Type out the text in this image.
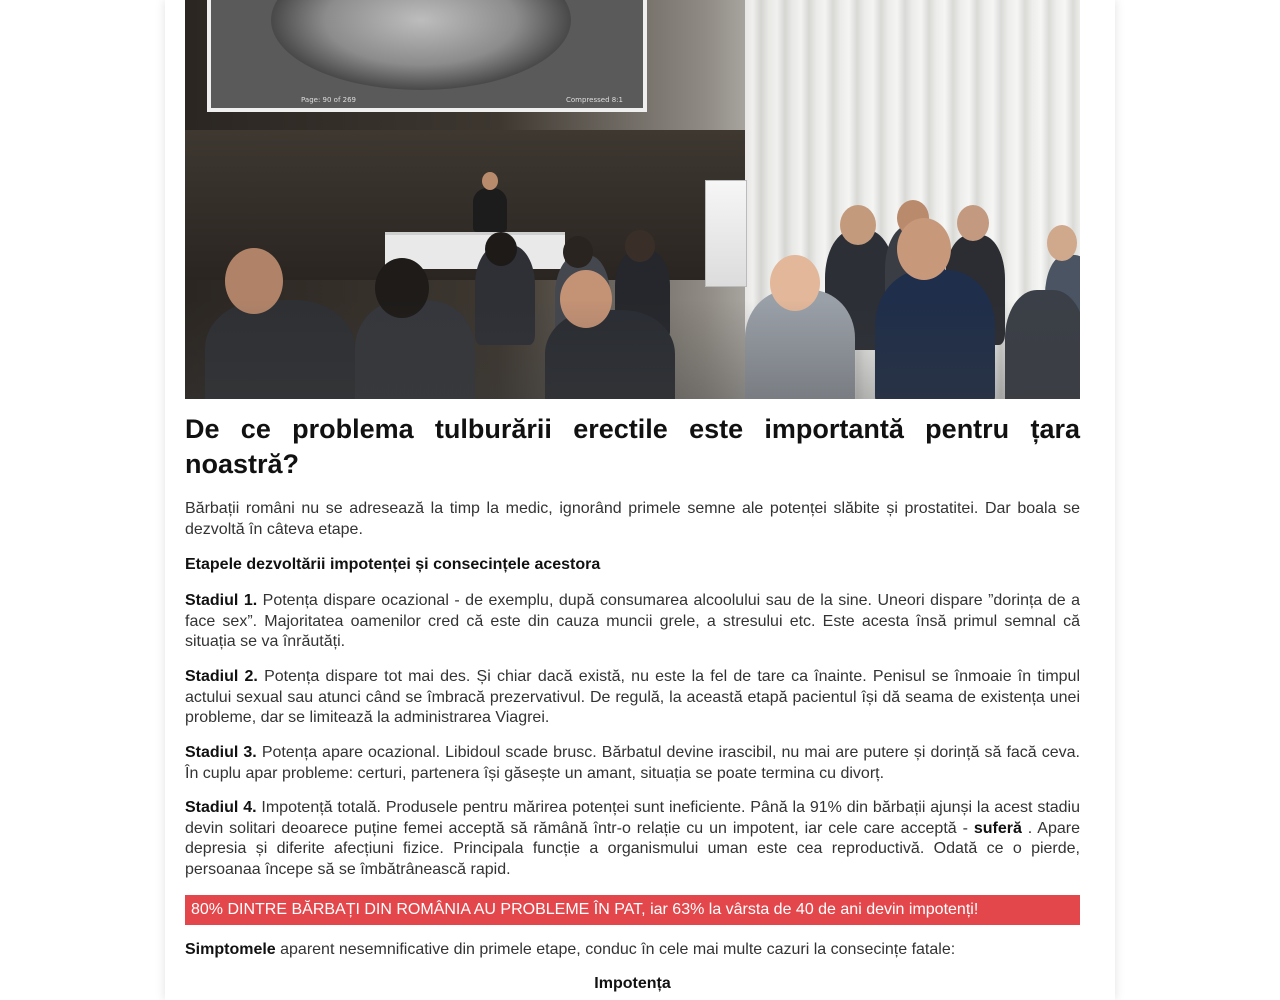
Page: 90 of 269	Compressed 8:1
De ce problema tulburării erectile este importantă pentru țara noastră?

Bărbații români nu se adresează la timp la medic, ignorând primele semne ale potenței slăbite și prostatitei. Dar boala se dezvoltă în câteva etape.

Etapele dezvoltării impotenței și consecințele acestora

Stadiul 1. Potența dispare ocazional - de exemplu, după consumarea alcoolului sau de la sine. Uneori dispare ”dorința de a face sex”. Majoritatea oamenilor cred că este din cauza muncii grele, a stresului etc. Este acesta însă primul semnal că situația se va înrăutăți.

Stadiul 2. Potența dispare tot mai des. Și chiar dacă există, nu este la fel de tare ca înainte. Penisul se înmoaie în timpul actului sexual sau atunci când se îmbracă prezervativul. De regulă, la această etapă pacientul își dă seama de existența unei probleme, dar se limitează la administrarea Viagrei.

Stadiul 3. Potența apare ocazional. Libidoul scade brusc. Bărbatul devine irascibil, nu mai are putere și dorință să facă ceva. În cuplu apar probleme: certuri, partenera își găsește un amant, situația se poate termina cu divorț.

Stadiul 4. Impotență totală. Produsele pentru mărirea potenței sunt ineficiente. Până la 91% din bărbații ajunși la acest stadiu devin solitari deoarece puține femei acceptă să rămână într-o relație cu un impotent, iar cele care acceptă - suferă . Apare depresia și diferite afecțiuni fizice. Principala funcție a organismului uman este cea reproductivă. Odată ce o pierde, persoanaa începe să se îmbătrânească rapid.

80% DINTRE BĂRBAȚI DIN ROMÂNIA AU PROBLEME ÎN PAT, iar 63% la vârsta de 40 de ani devin impotenți!

Simptomele aparent nesemnificative din primele etape, conduc în cele mai multe cazuri la consecințe fatale:

Impotența
